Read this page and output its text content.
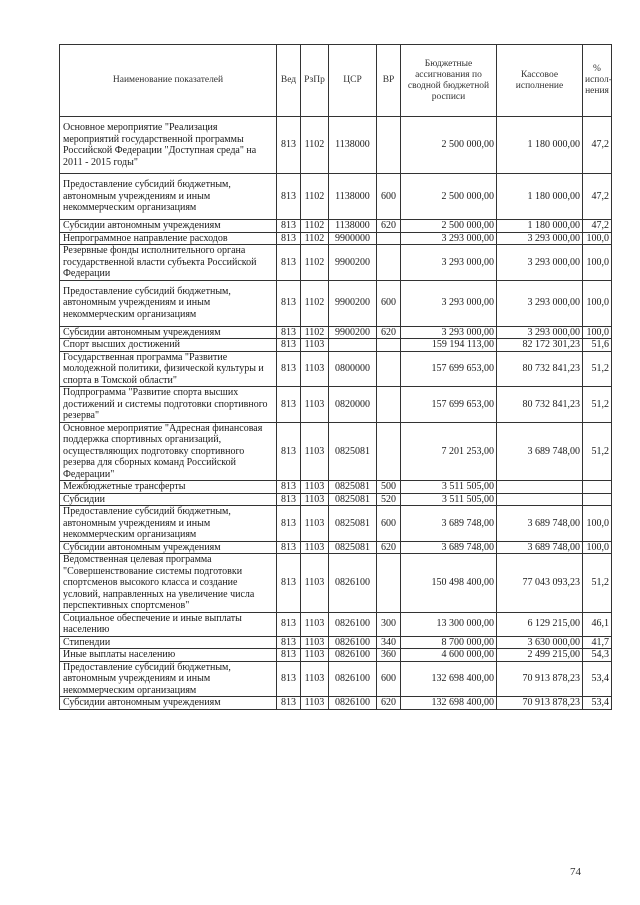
Наименование показателей	Вед	РзПр	ЦСР	ВР	Бюджетные ассигнования по сводной бюджетной росписи	Кассовое исполнение	% испол-нения
Основное мероприятие "Реализация мероприятий государственной программы Российской Федерации "Доступная среда" на 2011 - 2015 годы"	813	1102	1138000		2 500 000,00	1 180 000,00	47,2
Предоставление субсидий бюджетным, автономным учреждениям и иным некоммерческим организациям	813	1102	1138000	600	2 500 000,00	1 180 000,00	47,2
Субсидии автономным учреждениям	813	1102	1138000	620	2 500 000,00	1 180 000,00	47,2
Непрограммное направление расходов	813	1102	9900000		3 293 000,00	3 293 000,00	100,0
Резервные фонды исполнительного органа государственной власти субъекта Российской Федерации	813	1102	9900200		3 293 000,00	3 293 000,00	100,0
Предоставление субсидий бюджетным, автономным учреждениям и иным некоммерческим организациям	813	1102	9900200	600	3 293 000,00	3 293 000,00	100,0
Субсидии автономным учреждениям	813	1102	9900200	620	3 293 000,00	3 293 000,00	100,0
Спорт высших достижений	813	1103			159 194 113,00	82 172 301,23	51,6
Государственная программа "Развитие молодежной политики, физической культуры и спорта в Томской области"	813	1103	0800000		157 699 653,00	80 732 841,23	51,2
Подпрограмма "Развитие спорта высших достижений и системы подготовки спортивного резерва"	813	1103	0820000		157 699 653,00	80 732 841,23	51,2
Основное мероприятие "Адресная финансовая поддержка спортивных организаций, осуществляющих подготовку спортивного резерва для сборных команд Российской Федерации"	813	1103	0825081		7 201 253,00	3 689 748,00	51,2
Межбюджетные трансферты	813	1103	0825081	500	3 511 505,00		
Субсидии	813	1103	0825081	520	3 511 505,00		
Предоставление субсидий бюджетным, автономным учреждениям и иным некоммерческим организациям	813	1103	0825081	600	3 689 748,00	3 689 748,00	100,0
Субсидии автономным учреждениям	813	1103	0825081	620	3 689 748,00	3 689 748,00	100,0
Ведомственная целевая программа "Совершенствование системы подготовки спортсменов высокого класса и создание условий, направленных на увеличение числа перспективных спортсменов"	813	1103	0826100		150 498 400,00	77 043 093,23	51,2
Социальное обеспечение и иные выплаты населению	813	1103	0826100	300	13 300 000,00	6 129 215,00	46,1
Стипендии	813	1103	0826100	340	8 700 000,00	3 630 000,00	41,7
Иные выплаты населению	813	1103	0826100	360	4 600 000,00	2 499 215,00	54,3
Предоставление субсидий бюджетным, автономным учреждениям и иным некоммерческим организациям	813	1103	0826100	600	132 698 400,00	70 913 878,23	53,4
Субсидии автономным учреждениям	813	1103	0826100	620	132 698 400,00	70 913 878,23	53,4
74
